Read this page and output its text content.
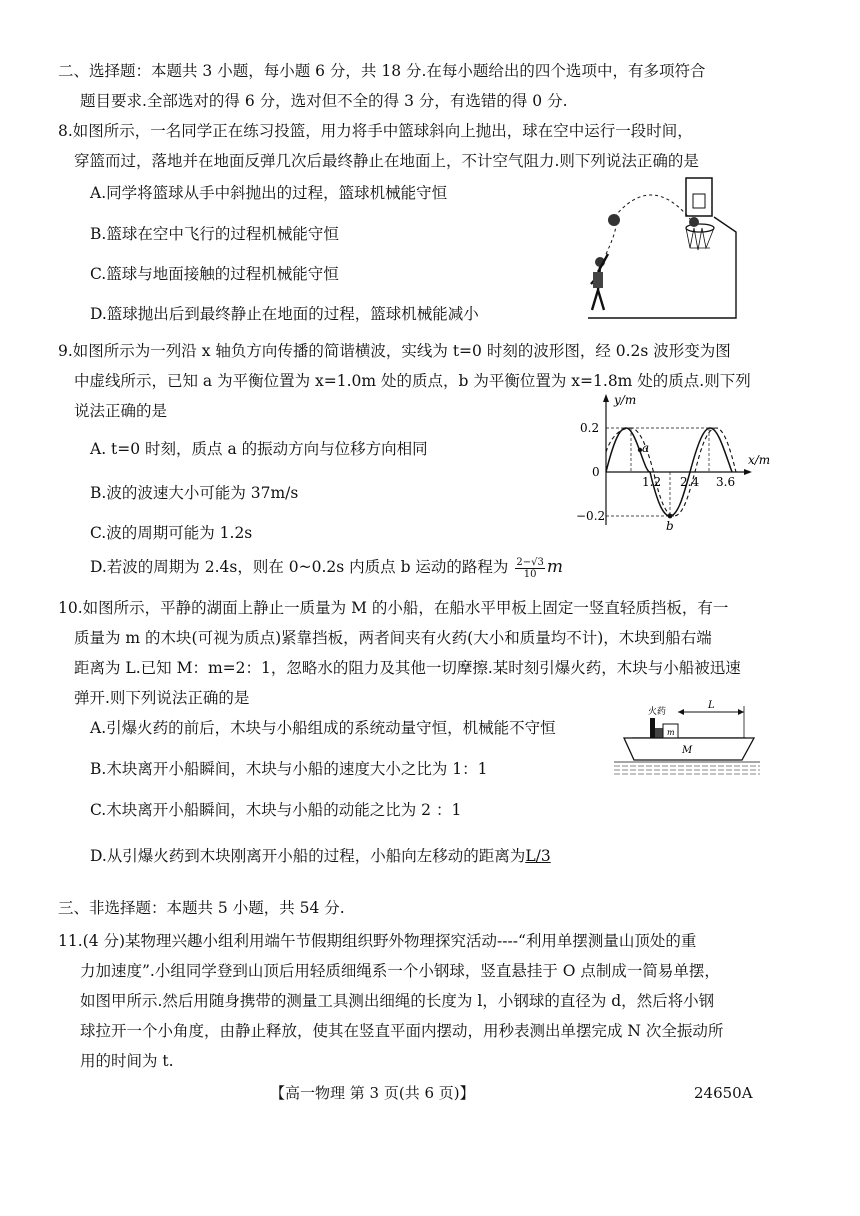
二、选择题：本题共 3 小题，每小题 6 分，共 18 分.在每小题给出的四个选项中，有多项符合
题目要求.全部选对的得 6 分，选对但不全的得 3 分，有选错的得 0 分.
8.如图所示，一名同学正在练习投篮，用力将手中篮球斜向上抛出，球在空中运行一段时间，
穿篮而过，落地并在地面反弹几次后最终静止在地面上，不计空气阻力.则下列说法正确的是
A.同学将篮球从手中斜抛出的过程，篮球机械能守恒
B.篮球在空中飞行的过程机械能守恒
C.篮球与地面接触的过程机械能守恒
D.篮球抛出后到最终静止在地面的过程，篮球机械能减小
9.如图所示为一列沿 x 轴负方向传播的简谐横波，实线为 t=0 时刻的波形图，经 0.2s 波形变为图
中虚线所示，已知 a 为平衡位置为 x=1.0m 处的质点，b 为平衡位置为 x=1.8m 处的质点.则下列
说法正确的是
A. t=0 时刻，质点 a 的振动方向与位移方向相同
B.波的波速大小可能为 37m/s
C.波的周期可能为 1.2s
D.若波的周期为 2.4s，则在 0~0.2s 内质点 b 运动的路程为 $\frac{2-√3}{10}$ m
y/m
x/m
0.2
0
−0.2
1.2 2.4 3.6
a
b
10.如图所示，平静的湖面上静止一质量为 M 的小船，在船水平甲板上固定一竖直轻质挡板，有一
质量为 m 的木块(可视为质点)紧靠挡板，两者间夹有火药(大小和质量均不计)，木块到船右端
距离为 L.已知 M：m=2：1，忽略水的阻力及其他一切摩擦.某时刻引爆火药，木块与小船被迅速
弹开.则下列说法正确的是
A.引爆火药的前后，木块与小船组成的系统动量守恒，机械能不守恒
B.木块离开小船瞬间，木块与小船的速度大小之比为 1：1
C.木块离开小船瞬间，木块与小船的动能之比为 2 ：1
D.从引爆火药到木块刚离开小船的过程，小船向左移动的距离为L/3
火药
m
L
M
三、非选择题：本题共 5 小题，共 54 分.
11.(4 分)某物理兴趣小组利用端午节假期组织野外物理探究活动----“利用单摆测量山顶处的重
力加速度”.小组同学登到山顶后用轻质细绳系一个小钢球，竖直悬挂于 O 点制成一简易单摆，
如图甲所示.然后用随身携带的测量工具测出细绳的长度为 l，小钢球的直径为 d，然后将小钢
球拉开一个小角度，由静止释放，使其在竖直平面内摆动，用秒表测出单摆完成 N 次全振动所
用的时间为 t.
【高一物理 第 3 页(共 6 页)】	24650A
